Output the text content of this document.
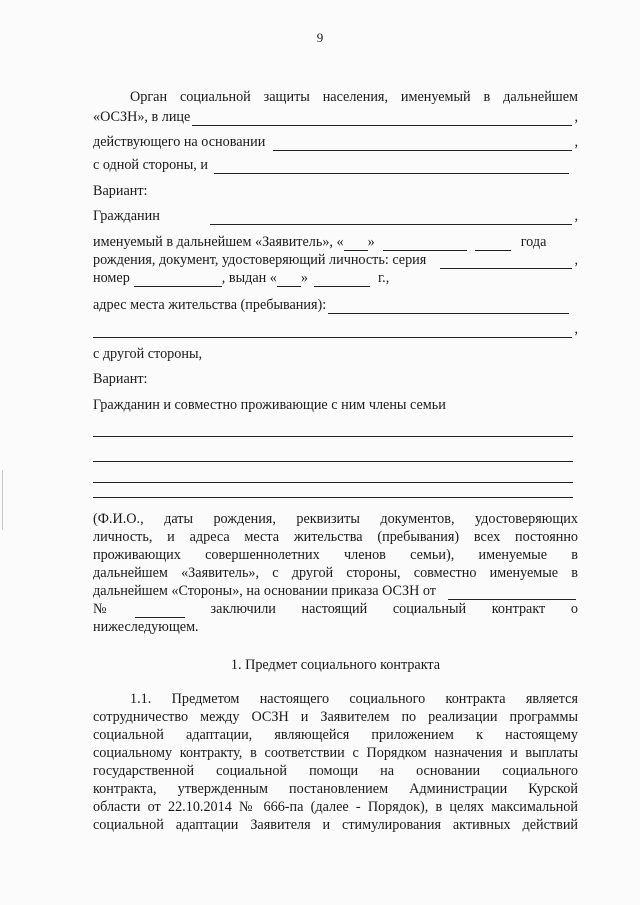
9
Орган социальной защиты населения, именуемый в дальнейшем
«ОСЗН», в лице	,
действующего на основании	,
с одной стороны, и
Вариант:
Гражданин	,
именуемый в дальнейшем «Заявитель», « »	года
рождения, документ, удостоверяющий личность: серия	,
номер	, выдан « »	г.,
адрес места жительства (пребывания):
,
с другой стороны,
Вариант:
Гражданин и совместно проживающие с ним члены семьи
(Ф.И.О., даты рождения, реквизиты документов, удостоверяющих
личность, и адреса места жительства (пребывания) всех постоянно
проживающих совершеннолетних членов семьи), именуемые в
дальнейшем «Заявитель», с другой стороны, совместно именуемые в
дальнейшем «Стороны», на основании приказа ОСЗН от
№	заключили настоящий социальный контракт о
нижеследующем.
1. Предмет социального контракта
1.1. Предметом настоящего социального контракта является
сотрудничество между ОСЗН и Заявителем по реализации программы
социальной адаптации, являющейся приложением к настоящему
социальному контракту, в соответствии с Порядком назначения и выплаты
государственной социальной помощи на основании социального
контракта, утвержденным постановлением Администрации Курской
области от 22.10.2014 № 666-па (далее - Порядок), в целях максимальной
социальной адаптации Заявителя и стимулирования активных действий
